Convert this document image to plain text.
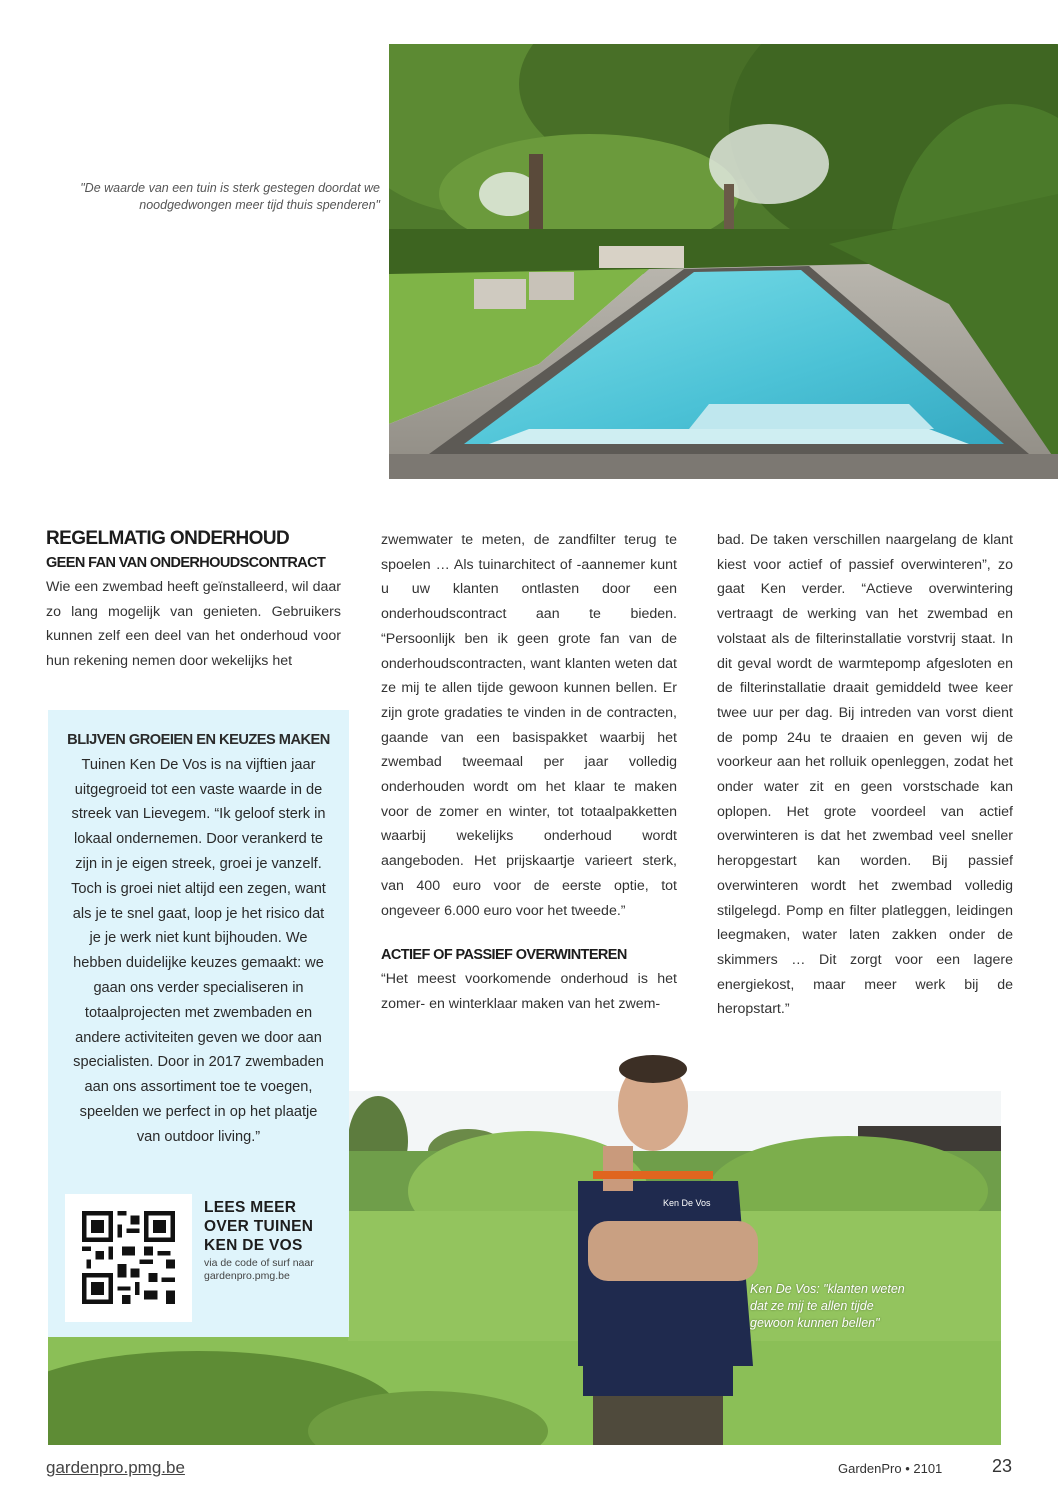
"De waarde van een tuin is sterk gestegen doordat we noodgedwongen meer tijd thuis spenderen"
REGELMATIG ONDERHOUD
GEEN FAN VAN ONDERHOUDSCONTRACT

Wie een zwembad heeft geïnstalleerd, wil daar zo lang mogelijk van genieten. Gebruikers kunnen zelf een deel van het onderhoud voor hun rekening nemen door wekelijks het

zwemwater te meten, de zandfilter terug te spoelen … Als tuinarchitect of -aannemer kunt u uw klanten ontlasten door een onderhoudscontract aan te bieden. “Persoonlijk ben ik geen grote fan van de onderhoudscontracten, want klanten weten dat ze mij te allen tijde gewoon kunnen bellen. Er zijn grote gradaties te vinden in de contracten, gaande van een basispakket waarbij het zwembad tweemaal per jaar volledig onderhouden wordt om het klaar te maken voor de zomer en winter, tot totaalpakketten waarbij wekelijks onderhoud wordt aangeboden. Het prijskaartje varieert sterk, van 400 euro voor de eerste optie, tot ongeveer 6.000 euro voor het tweede.”

ACTIEF OF PASSIEF OVERWINTEREN

“Het meest voorkomende onderhoud is het zomer- en winterklaar maken van het zwem-

bad. De taken verschillen naargelang de klant kiest voor actief of passief overwinteren”, zo gaat Ken verder. “Actieve overwintering vertraagt de werking van het zwembad en volstaat als de filterinstallatie vorstvrij staat. In dit geval wordt de warmtepomp afgesloten en de filterinstallatie draait gemiddeld twee keer twee uur per dag. Bij intreden van vorst dient de pomp 24u te draaien en geven wij de voorkeur aan het rolluik openleggen, zodat het onder water zit en geen vorstschade kan oplopen. Het grote voordeel van actief overwinteren is dat het zwembad veel sneller heropgestart kan worden. Bij passief overwinteren wordt het zwembad volledig stilgelegd. Pomp en filter platleggen, leidingen leegmaken, water laten zakken onder de skimmers … Dit zorgt voor een lagere energiekost, maar meer werk bij de heropstart.”

Ken De Vos
Ken De Vos: "klanten weten dat ze mij te allen tijde gewoon kunnen bellen"
BLIJVEN GROEIEN EN KEUZES MAKEN
Tuinen Ken De Vos is na vijftien jaar uitgegroeid tot een vaste waarde in de streek van Lievegem. “Ik geloof sterk in lokaal ondernemen. Door verankerd te zijn in je eigen streek, groei je vanzelf. Toch is groei niet altijd een zegen, want als je te snel gaat, loop je het risico dat je je werk niet kunt bijhouden. We hebben duidelijke keuzes gemaakt: we gaan ons verder specialiseren in totaalprojecten met zwembaden en andere activiteiten geven we door aan specialisten. Door in 2017 zwembaden aan ons assortiment toe te voegen, speelden we perfect in op het plaatje van outdoor living.”
LEES MEER OVER TUINEN KEN DE VOS
via de code of surf naar gardenpro.pmg.be
gardenpro.pmg.be	GardenPro • 2101	23
